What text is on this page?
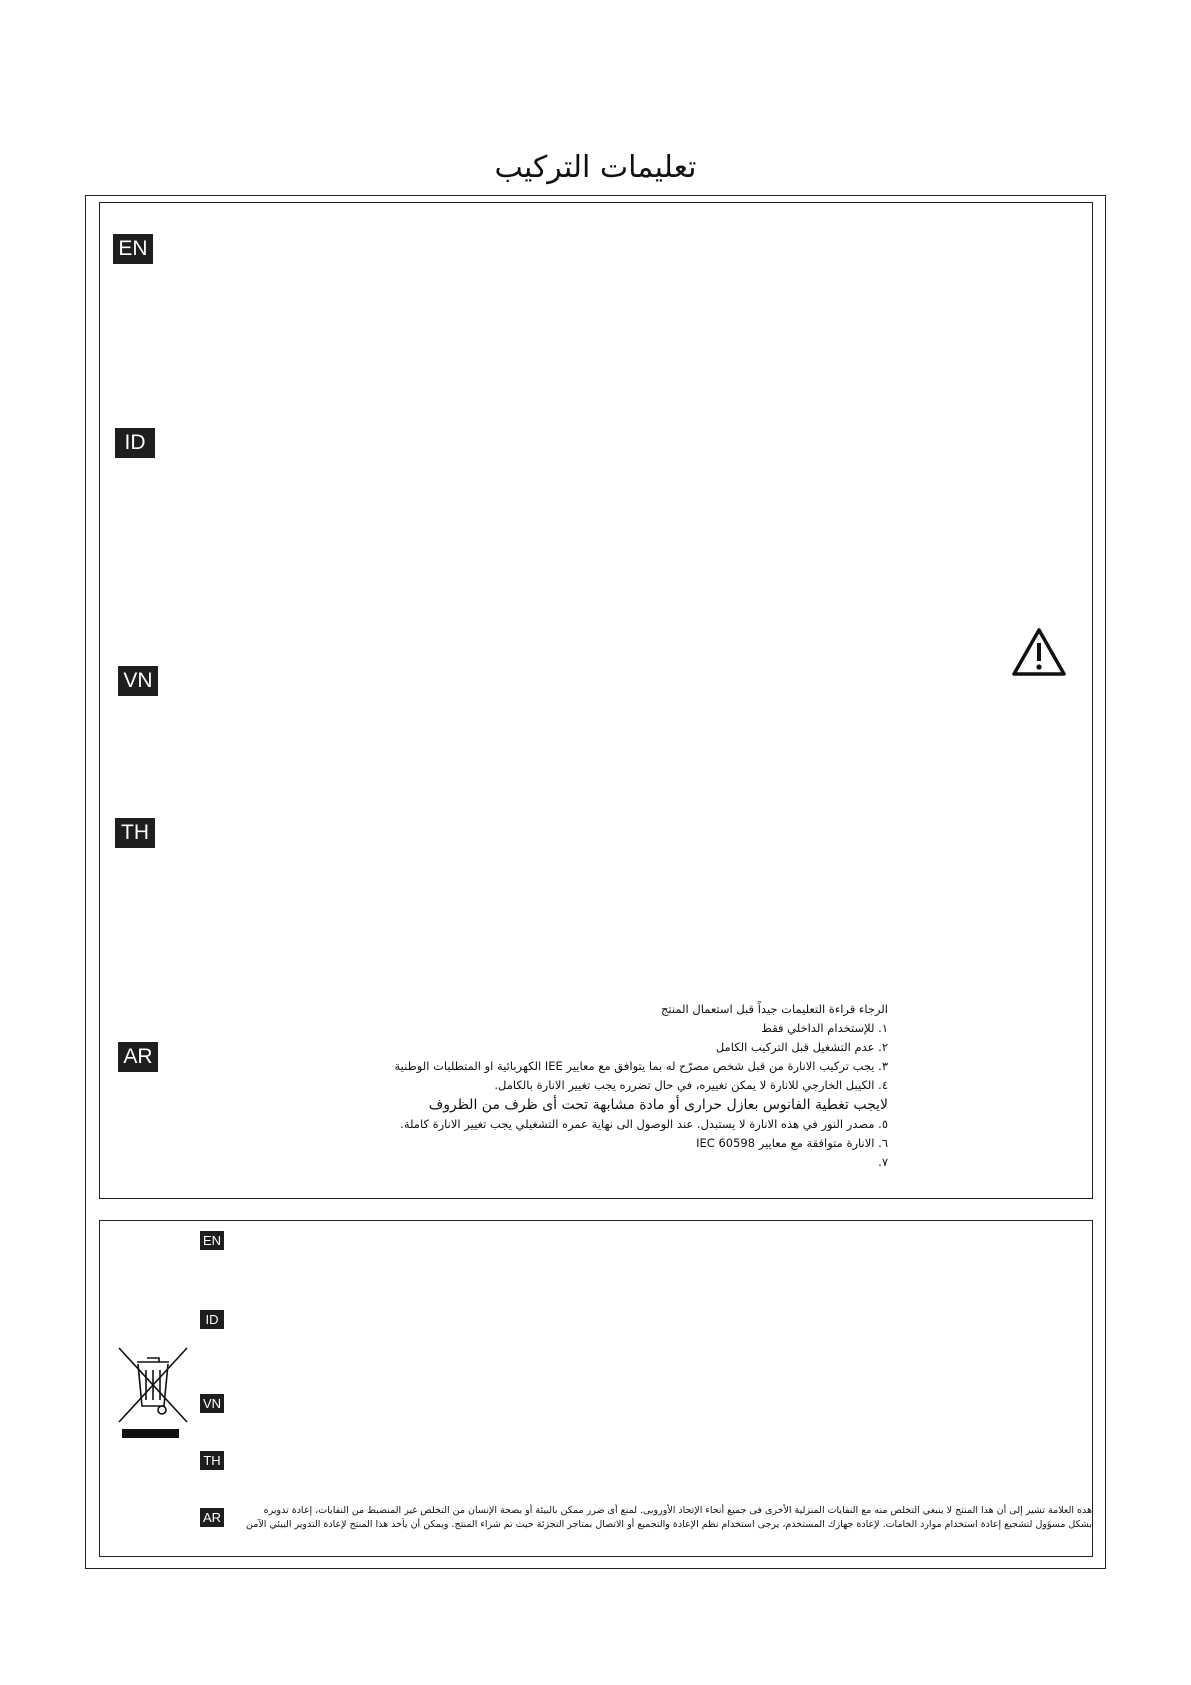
تعليمات التركيب
EN
ID
VN
TH
AR
الرجاء قراءة التعليمات جيداً قبل استعمال المنتج
١. للإستخدام الداخلي فقط
٢. عدم التشغيل قبل التركيب الكامل
٣. يجب تركيب الانارة من قبل شخص مصرّح له بما يتوافق مع معايير IEE الكهربائية او المتطلبات الوطنية
٤. الكيبل الخارجي للانارة لا يمكن تغييره، في حال تضرره يجب تغيير الانارة بالكامل.
لايجب تغطية الفانوس بعازل حرارى أو مادة مشابهة تحت أى ظرف من الظروف
٥. مصدر النور في هذه الانارة لا يستبدل. عند الوصول الى نهاية عمره التشغيلي يجب تغيير الانارة كاملة.
٦. الانارة متوافقة مع معايير IEC 60598
٧.
EN
ID
VN
TH
AR	هذه العلامة تشير إلى أن هذا المنتج لا ينبغي التخلص منه مع النفايات المنزلية الأخرى فى جميع أنحاء الإتحاد الأوروبى. لمنع أى ضرر ممكن بالبيئة أو بصحة الإنسان من التخلص غير المنضبط من النفايات، إعادة تدويره
بشكل مسؤول لتشجيع إعادة استخدام موارد الخامات. لإعادة جهازك المستخدم، يرجى استخدام نظم الإعادة والتجميع أو الاتصال بمتاجر التجزئة حيث تم شراء المنتج. ويمكن أن يأخذ هذا المنتج لإعادة التدوير البيئي الآمن
